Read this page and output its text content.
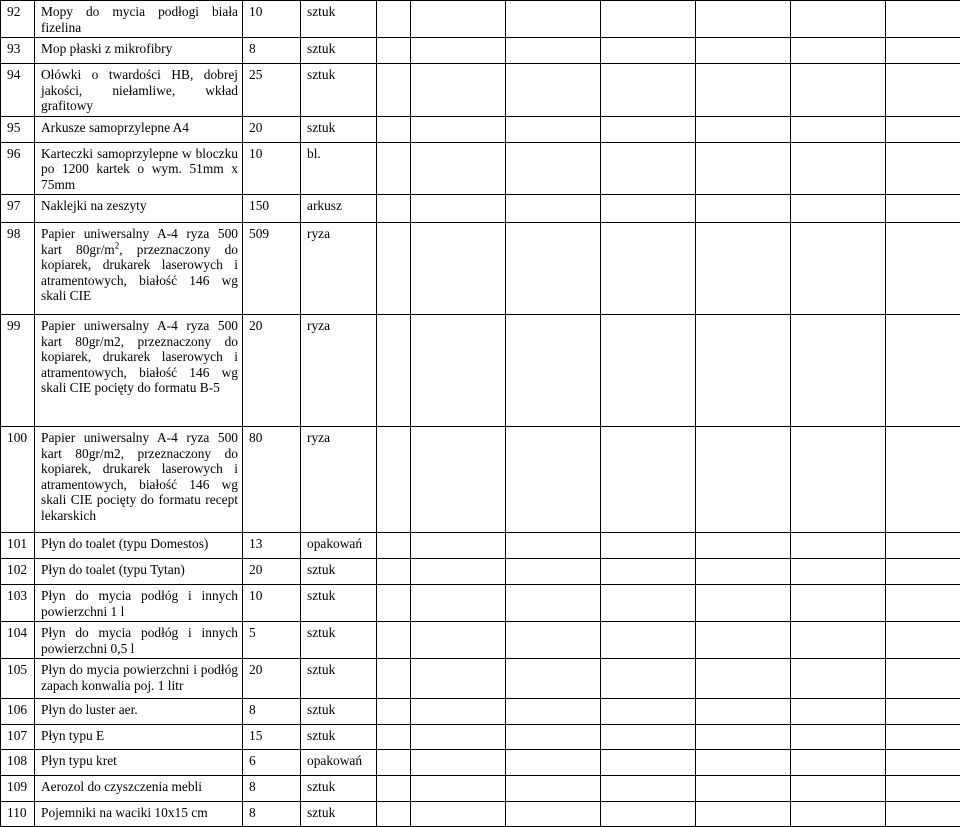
92	Mopy do mycia podłogi biała fizelina	10	sztuk							
93	Mop płaski z mikrofibry	8	sztuk							
94	Ołówki o twardości HB, dobrej jakości, niełamliwe, wkład grafitowy	25	sztuk							
95	Arkusze samoprzylepne A4	20	sztuk							
96	Karteczki samoprzylepne w bloczku po 1200 kartek o wym. 51mm x 75mm	10	bl.							
97	Naklejki na zeszyty	150	arkusz							
98	Papier uniwersalny A-4 ryza 500 kart $80gr/m^2$, przeznaczony do kopiarek, drukarek laserowych i atramentowych, białość 146 wg skali CIE	509	ryza							
99	Papier uniwersalny A-4 ryza 500 kart 80gr/m2, przeznaczony do kopiarek, drukarek laserowych i atramentowych, białość 146 wg skali CIE pocięty do formatu B-5	20	ryza							
100	Papier uniwersalny A-4 ryza 500 kart 80gr/m2, przeznaczony do kopiarek, drukarek laserowych i atramentowych, białość 146 wg skali CIE pocięty do formatu recept lekarskich	80	ryza							
101	Płyn do toalet (typu Domestos)	13	opakowań							
102	Płyn do toalet (typu Tytan)	20	sztuk							
103	Płyn do mycia podłóg i innych powierzchni 1 l	10	sztuk							
104	Płyn do mycia podłóg i innych powierzchni 0,5 l	5	sztuk							
105	Płyn do mycia powierzchni i podłóg zapach konwalia poj. 1 litr	20	sztuk							
106	Płyn do luster aer.	8	sztuk							
107	Płyn typu E	15	sztuk							
108	Płyn typu kret	6	opakowań							
109	Aerozol do czyszczenia mebli	8	sztuk							
110	Pojemniki na waciki 10x15 cm	8	sztuk							
